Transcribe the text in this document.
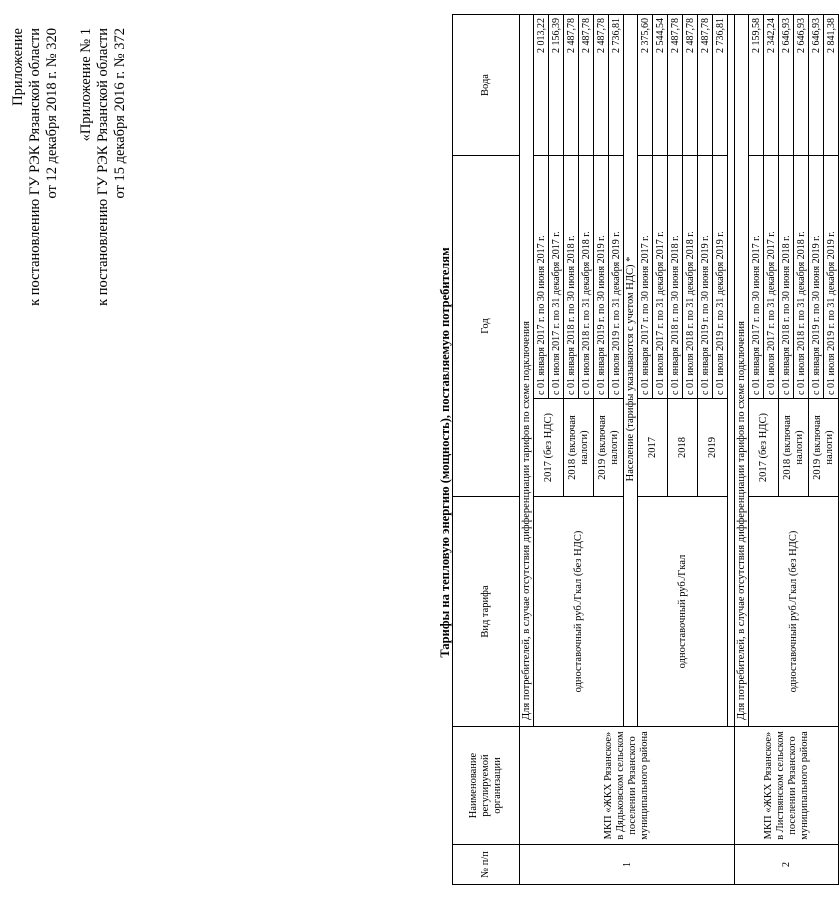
Приложение к постановлению ГУ РЭК Рязанской области от 12 декабря 2018 г. № 320 «Приложение № 1 к постановлению ГУ РЭК Рязанской области от 15 декабря 2016 г. № 372
Тарифы на тепловую энергию (мощность), поставляемую потребителям
№ п/п	Наименование регулируемой организации	Вид тарифа	Год		Вода
1	МКП «ЖКХ Рязанское» в Дядьковском сельском поселении Рязанского муниципального района	Для потребителей, в случае отсутствия дифференциации тарифов по схеме подключения			
		одноставочный руб./Гкал (без НДС)	2017 (без НДС)	с 01 января 2017 г. по 30 июня 2017 г.	2 013,22
				с 01 июля 2017 г. по 31 декабря 2017 г.	2 156,39
			2018 (включая налоги)	с 01 января 2018 г. по 30 июня 2018 г.	2 487,78
				с 01 июля 2018 г. по 31 декабря 2018 г.	2 487,78
			2019 (включая налоги)	с 01 января 2019 г. по 30 июня 2019 г.	2 487,78
				с 01 июля 2019 г. по 31 декабря 2019 г.	2 736,81
		Население (тарифы указываются с учетом НДС) *			
		одноставочный руб./Гкал	2017	с 01 января 2017 г. по 30 июня 2017 г.	2 375,60
				с 01 июля 2017 г. по 31 декабря 2017 г.	2 544,54
			2018	с 01 января 2018 г. по 30 июня 2018 г.	2 487,78
				с 01 июля 2018 г. по 31 декабря 2018 г.	2 487,78
			2019	с 01 января 2019 г. по 30 июня 2019 г.	2 487,78
				с 01 июля 2019 г. по 31 декабря 2019 г.	2 736,81

2	МКП «ЖКХ Рязанское» в Листвянском сельском поселении Рязанского муниципального района	Для потребителей, в случае отсутствия дифференциации тарифов по схеме подключения			
		одноставочный руб./Гкал (без НДС)	2017 (без НДС)	с 01 января 2017 г. по 30 июня 2017 г.	2 159,58
				с 01 июля 2017 г. по 31 декабря 2017 г.	2 342,24
			2018 (включая налоги)	с 01 января 2018 г. по 30 июня 2018 г.	2 646,93
				с 01 июля 2018 г. по 31 декабря 2018 г.	2 646,93
			2019 (включая налоги)	с 01 января 2019 г. по 30 июня 2019 г.	2 646,93
				с 01 июля 2019 г. по 31 декабря 2019 г.	2 841,38
